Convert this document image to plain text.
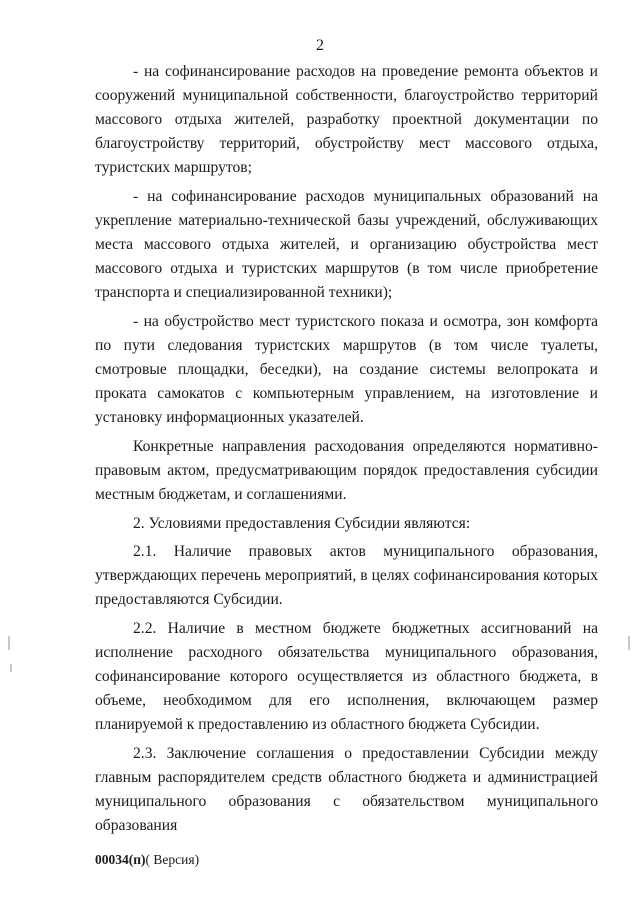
2

- на софинансирование расходов на проведение ремонта объектов и сооружений муниципальной собственности, благоустройство территорий массового отдыха жителей, разработку проектной документации по благоустройству территорий, обустройству мест массового отдыха, туристских маршрутов;

- на софинансирование расходов муниципальных образований на укрепление материально-технической базы учреждений, обслуживающих места массового отдыха жителей, и организацию обустройства мест массового отдыха и туристских маршрутов (в том числе приобретение транспорта и специализированной техники);

- на обустройство мест туристского показа и осмотра, зон комфорта по пути следования туристских маршрутов (в том числе туалеты, смотровые площадки, беседки), на создание системы велопроката и проката самокатов с компьютерным управлением, на изготовление и установку информационных указателей.

Конкретные направления расходования определяются нормативно-правовым актом, предусматривающим порядок предоставления субсидии местным бюджетам, и соглашениями.

2. Условиями предоставления Субсидии являются:

2.1. Наличие правовых актов муниципального образования, утверждающих перечень мероприятий, в целях софинансирования которых предоставляются Субсидии.

2.2. Наличие в местном бюджете бюджетных ассигнований на исполнение расходного обязательства муниципального образования, софинансирование которого осуществляется из областного бюджета, в объеме, необходимом для его исполнения, включающем размер планируемой к предоставлению из областного бюджета Субсидии.

2.3. Заключение соглашения о предоставлении Субсидии между главным распорядителем средств областного бюджета и администрацией муниципального образования с обязательством муниципального образования

00034(п)( Версия)
